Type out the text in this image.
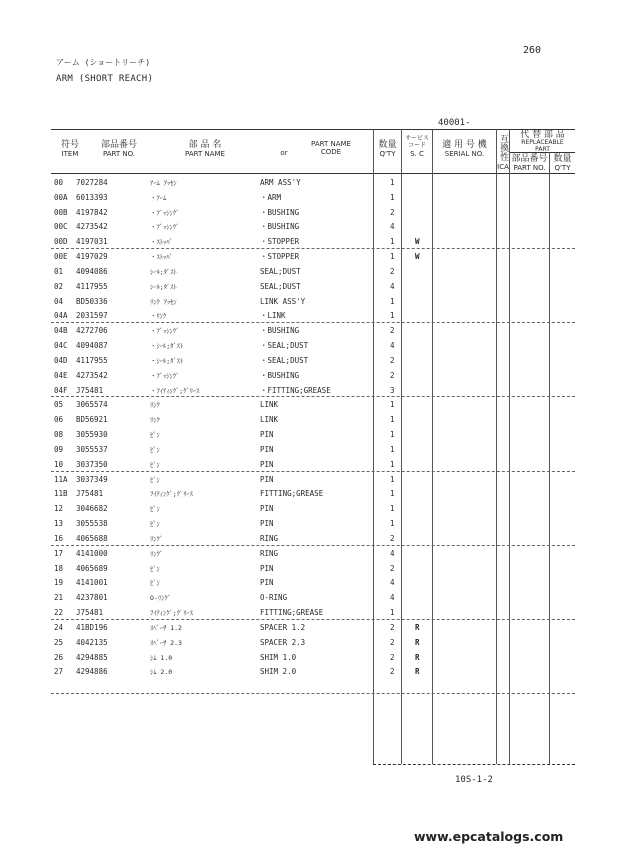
260
アーム (ショートリーチ)
ARM (SHORT REACH)
40001-
符号
ITEM
部品番号
PART NO.
部 品 名
PART NAME	or
PART NAME
CODE
数量
Q'TY
サービス
コード
S. C
適 用 号 機
SERIAL NO.	互換性
ICA
代 替 部 品
REPLACEABLE
PART
部品番号
PART NO.
数量
Q'TY
00 7027284	ｱｰﾑ ｱｯｾﾝ	ARM ASS'Y	1
00A 6013393	・ｱｰﾑ	・ARM	1
00B 4197842	・ﾌﾞｯｼﾝｸﾞ	・BUSHING	2
00C 4273542	・ﾌﾞｯｼﾝｸﾞ	・BUSHING	4
00D 4197031	・ｽﾄｯﾊﾟ	・STOPPER	1	W
00E 4197029	・ｽﾄｯﾊﾟ	・STOPPER	1	W
01 4094086	ｼｰﾙ;ﾀﾞｽﾄ	SEAL;DUST	2
02 4117955	ｼｰﾙ;ﾀﾞｽﾄ	SEAL;DUST	4
04 BD50336	ﾘﾝｸ ｱｯｾﾝ	LINK ASS'Y	1
04A 2031597	・ﾘﾝｸ	・LINK	1
04B 4272706	・ﾌﾞｯｼﾝｸﾞ	・BUSHING	2
04C 4094087	・ｼｰﾙ;ﾀﾞｽﾄ	・SEAL;DUST	4
04D 4117955	・ｼｰﾙ;ﾀﾞｽﾄ	・SEAL;DUST	2
04E 4273542	・ﾌﾞｯｼﾝｸﾞ	・BUSHING	2
04F J75481	・ﾌｲﾃｨﾝｸﾞ;ｸﾞﾘｰｽ	・FITTING;GREASE	3
05 3065574	ﾘﾝｸ	LINK	1
06 BD56921	ﾘﾝｸ	LINK	1
08 3055930	ﾋﾟﾝ	PIN	1
09 3055537	ﾋﾟﾝ	PIN	1
10 3037350	ﾋﾟﾝ	PIN	1
11A 3037349	ﾋﾟﾝ	PIN	1
11B J75481	ﾌｲﾃｨﾝｸﾞ;ｸﾞﾘｰｽ	FITTING;GREASE	1
12 3046682	ﾋﾟﾝ	PIN	1
13 3055538	ﾋﾟﾝ	PIN	1
16 4065688	ﾘﾝｸﾞ	RING	2
17 4141000	ﾘﾝｸﾞ	RING	4
18 4065689	ﾋﾟﾝ	PIN	2
19 4141001	ﾋﾟﾝ	PIN	4
21 4237801	O-ﾘﾝｸﾞ	O-RING	4
22 J75481	ﾌｲﾃｨﾝｸﾞ;ｸﾞﾘｰｽ	FITTING;GREASE	1
24 41BD196	ｽﾍﾟｰｻ 1.2	SPACER 1.2	2	R
25 4042135	ｽﾍﾟｰｻ 2.3	SPACER 2.3	2	R
26 4294885	ｼﾑ 1.0	SHIM 1.0	2	R
27 4294886	ｼﾑ 2.0	SHIM 2.0	2	R
10S-1-2
www.epcatalogs.com
